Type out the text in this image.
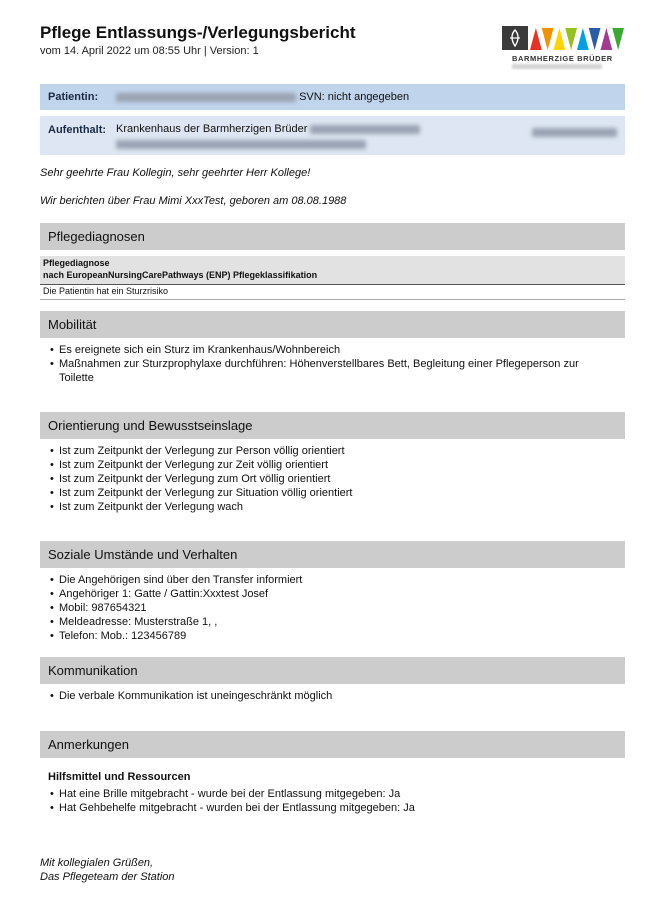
Pflege Entlassungs-/Verlegungsbericht
vom 14. April 2022 um 08:55 Uhr | Version: 1
BARMHERZIGE BRÜDER
Patientin:	SVN: nicht angegeben
Aufenthalt: Krankenhaus der Barmherzigen Brüder

Sehr geehrte Frau Kollegin, sehr geehrter Herr Kollege!
Wir berichten über Frau Mimi XxxTest, geboren am 08.08.1988
Pflegediagnosen
Pflegediagnose
nach EuropeanNursingCarePathways (ENP) Pflegeklassifikation
Die Patientin hat ein Sturzrisiko
Mobilität
• Es ereignete sich ein Sturz im Krankenhaus/Wohnbereich
• Maßnahmen zur Sturzprophylaxe durchführen: Höhenverstellbares Bett, Begleitung einer Pflegeperson zur
Toilette
Orientierung und Bewusstseinslage
• Ist zum Zeitpunkt der Verlegung zur Person völlig orientiert
• Ist zum Zeitpunkt der Verlegung zur Zeit völlig orientiert
• Ist zum Zeitpunkt der Verlegung zum Ort völlig orientiert
• Ist zum Zeitpunkt der Verlegung zur Situation völlig orientiert
• Ist zum Zeitpunkt der Verlegung wach
Soziale Umstände und Verhalten
• Die Angehörigen sind über den Transfer informiert
• Angehöriger 1: Gatte / Gattin:Xxxtest Josef
• Mobil: 987654321
• Meldeadresse: Musterstraße 1, ,
• Telefon: Mob.: 123456789
Kommunikation
• Die verbale Kommunikation ist uneingeschränkt möglich
Anmerkungen
Hilfsmittel und Ressourcen
• Hat eine Brille mitgebracht - wurde bei der Entlassung mitgegeben: Ja
• Hat Gehbehelfe mitgebracht - wurden bei der Entlassung mitgegeben: Ja
Mit kollegialen Grüßen,
Das Pflegeteam der Station
